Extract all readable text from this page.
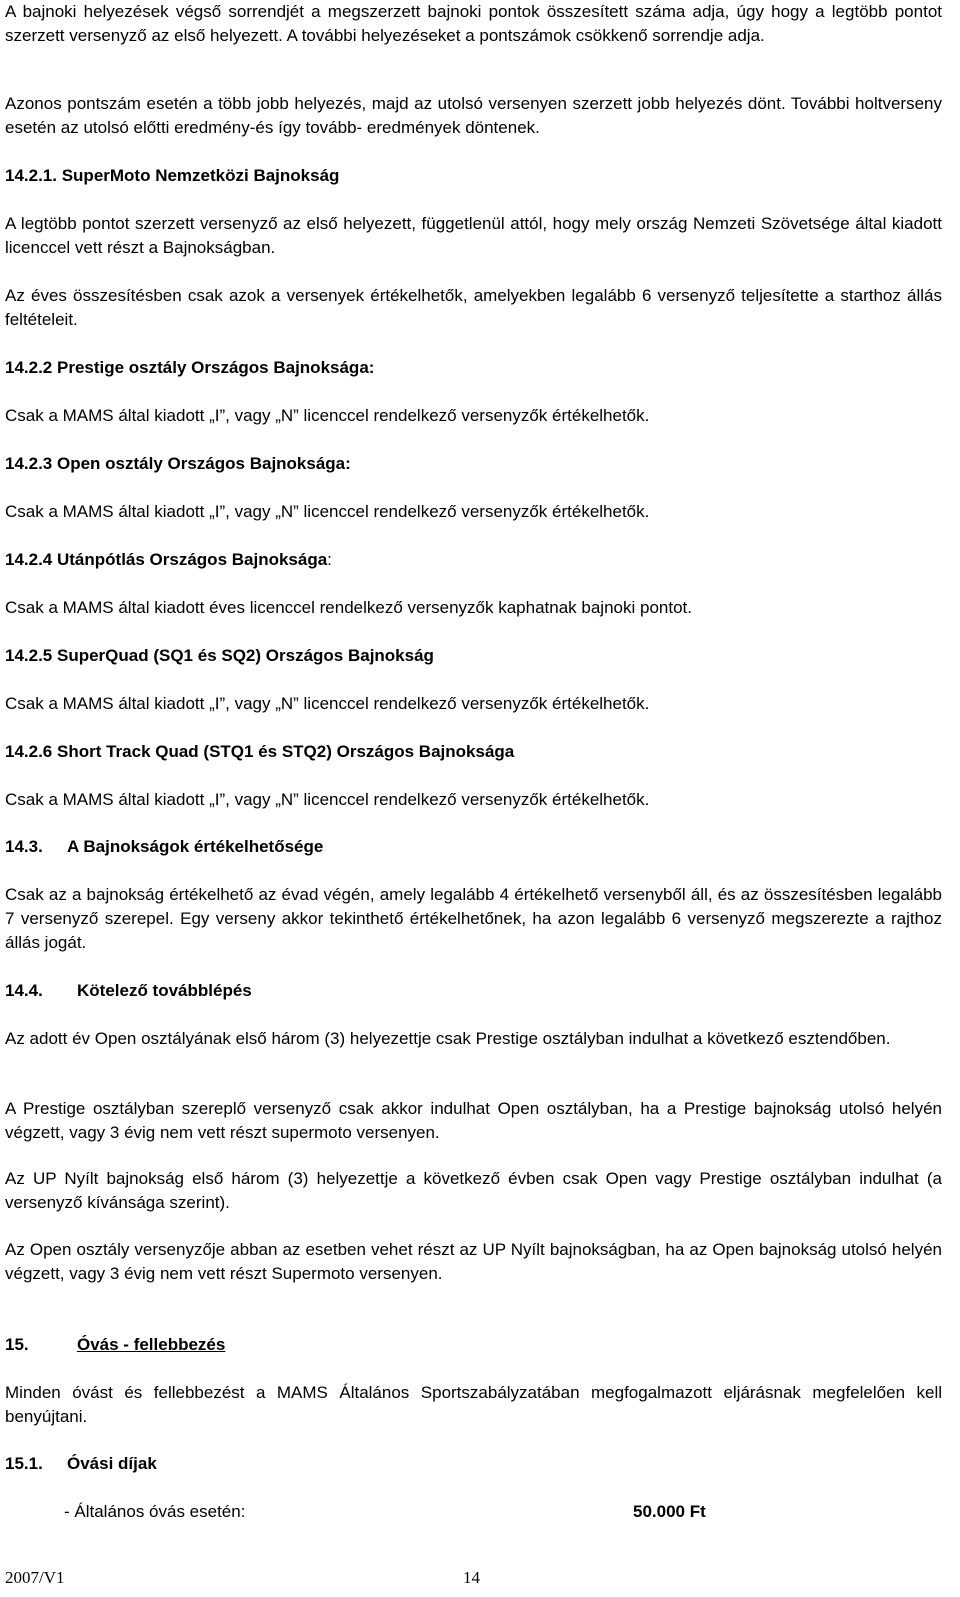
A bajnoki helyezések végső sorrendjét a megszerzett bajnoki pontok összesített száma adja, úgy hogy a legtöbb pontot szerzett versenyző az első helyezett. A további helyezéseket a pontszámok csökkenő sorrendje adja.

Azonos pontszám esetén a több jobb helyezés, majd az utolsó versenyen szerzett jobb helyezés dönt. További holtverseny esetén az utolsó előtti eredmény-és így tovább- eredmények döntenek.

14.2.1. SuperMoto Nemzetközi Bajnokság

A legtöbb pontot szerzett versenyző az első helyezett, függetlenül attól, hogy mely ország Nemzeti Szövetsége által kiadott licenccel vett részt a Bajnokságban.

Az éves összesítésben csak azok a versenyek értékelhetők, amelyekben legalább 6 versenyző teljesítette a starthoz állás feltételeit.

14.2.2 Prestige osztály Országos Bajnoksága:

Csak a MAMS által kiadott „I”, vagy „N” licenccel rendelkező versenyzők értékelhetők.

14.2.3 Open osztály Országos Bajnoksága:

Csak a MAMS által kiadott „I”, vagy „N” licenccel rendelkező versenyzők értékelhetők.

14.2.4 Utánpótlás Országos Bajnoksága:

Csak a MAMS által kiadott éves licenccel rendelkező versenyzők kaphatnak bajnoki pontot.

14.2.5 SuperQuad (SQ1 és SQ2) Országos Bajnokság

Csak a MAMS által kiadott „I”, vagy „N” licenccel rendelkező versenyzők értékelhetők.

14.2.6 Short Track Quad (STQ1 és STQ2) Országos Bajnoksága

Csak a MAMS által kiadott „I”, vagy „N” licenccel rendelkező versenyzők értékelhetők.

14.3. A Bajnokságok értékelhetősége

Csak az a bajnokság értékelhető az évad végén, amely legalább 4 értékelhető versenyből áll, és az összesítésben legalább 7 versenyző szerepel. Egy verseny akkor tekinthető értékelhetőnek, ha azon legalább 6 versenyző megszerezte a rajthoz állás jogát.

14.4. Kötelező továbblépés

Az adott év Open osztályának első három (3) helyezettje csak Prestige osztályban indulhat a következő esztendőben.

A Prestige osztályban szereplő versenyző csak akkor indulhat Open osztályban, ha a Prestige bajnokság utolsó helyén végzett, vagy 3 évig nem vett részt supermoto versenyen.

Az UP Nyílt bajnokság első három (3) helyezettje a következő évben csak Open vagy Prestige osztályban indulhat (a versenyző kívánsága szerint).

Az Open osztály versenyzője abban az esetben vehet részt az UP Nyílt bajnokságban, ha az Open bajnokság utolsó helyén végzett, vagy 3 évig nem vett részt Supermoto versenyen.

15.	Óvás - fellebbezés

Minden óvást és fellebbezést a MAMS Általános Sportszabályzatában megfogalmazott eljárásnak megfelelően kell benyújtani.

15.1. Óvási díjak

- Általános óvás esetén:	50.000 Ft
2007/V1	14
